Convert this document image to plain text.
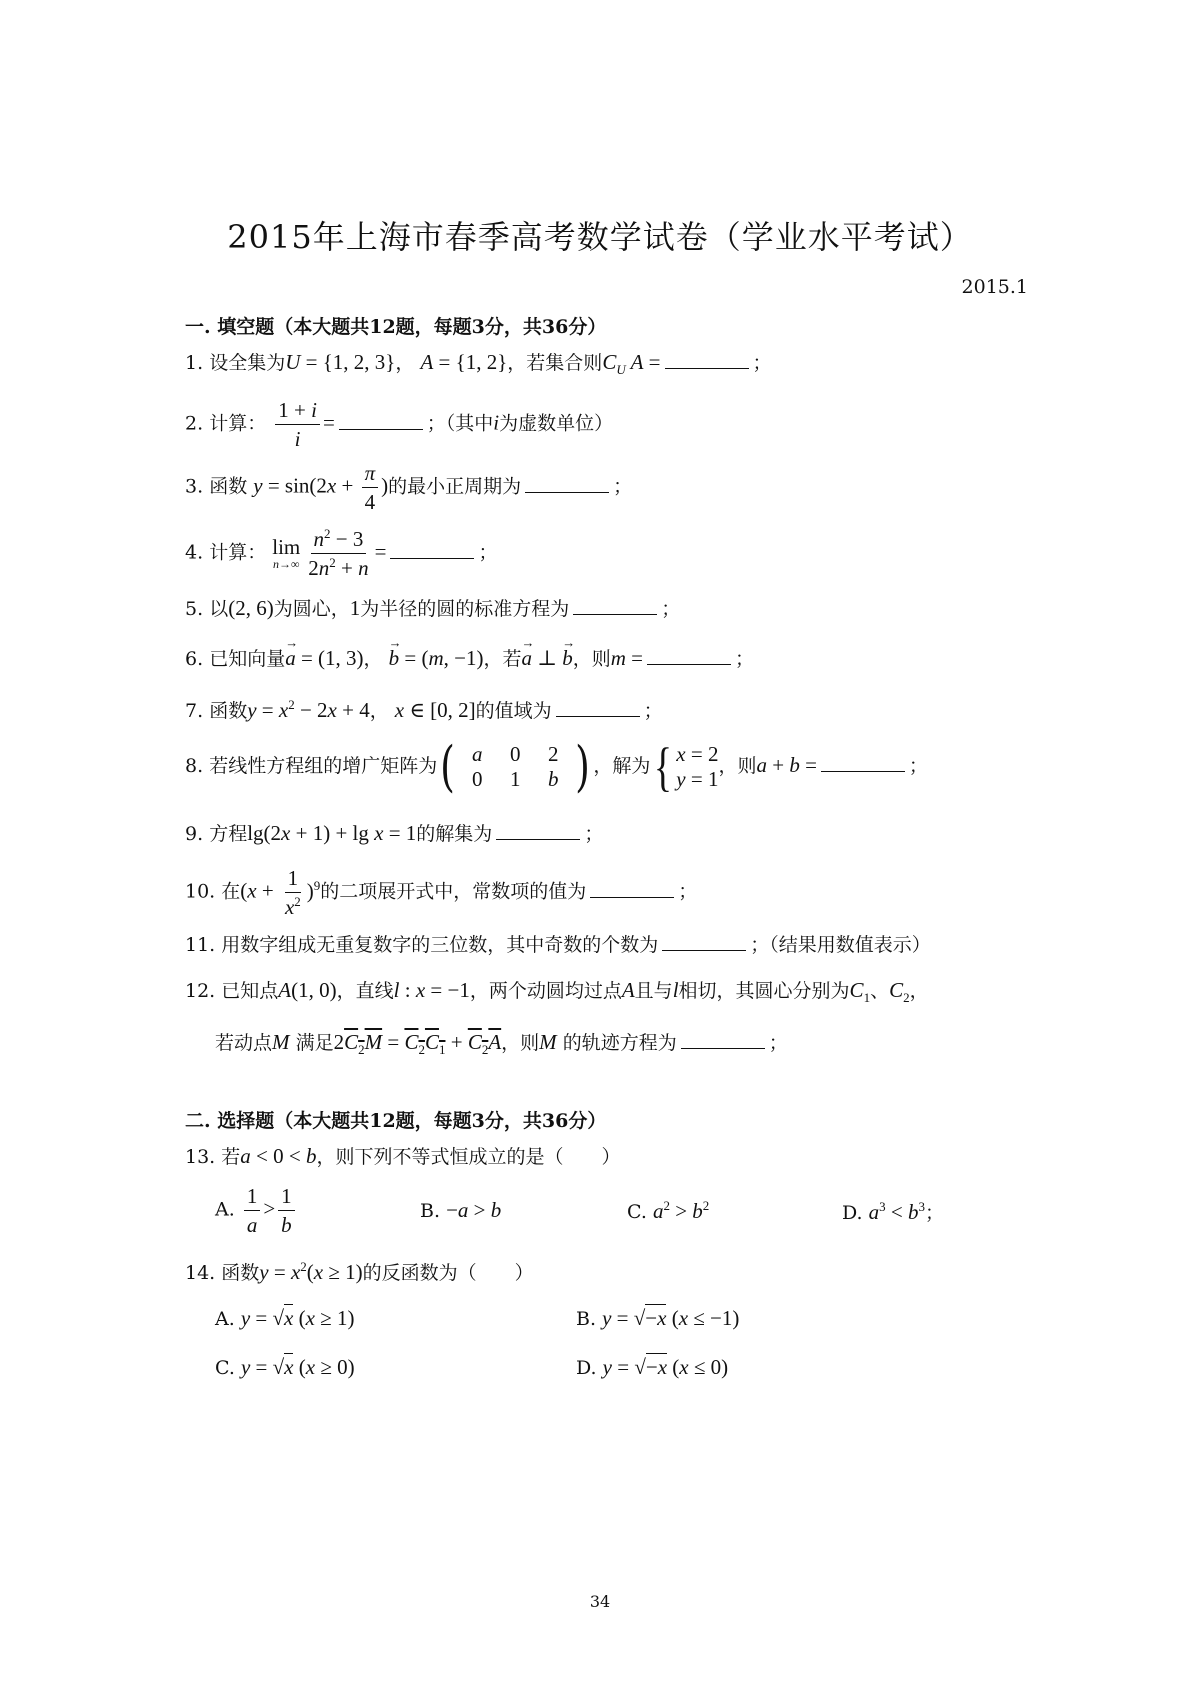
2015年上海市春季高考数学试卷（学业水平考试）
2015.1
一. 填空题（本大题共12题，每题3分，共36分）
1. 设全集为U = {1, 2, 3}， A = {1, 2}，若集合则$C_U$ A =	；
2. 计算： $\frac{1 + i}{i}$ =	；（其中i为虚数单位）
3. 函数 $y = \sin(2x + \frac{\pi}{4}$ )的最小正周期为	；
4. 计算： lim
$n\to\infty \frac{n^2 - 3}{2n^2 + n}$ =	；
5. 以(2, 6)为圆心，1为半径的圆的标准方程为	；
6. 已知向量→ a = (1, 3)， → b = (m, −1)，若→ a ⊥ → b，则m =	；
7. 函数$y = x^2 - 2x + 4$， x ∈ [0, 2]的值域为	；
8. 若线性方程组的增广矩阵为 ( a	0	2
0	1	b ) ，解为 { x = 2
y = 1
，则a + b =	；
9. 方程lg(2x + 1) + lg x = 1的解集为	；
10. 在$(x + \frac{1}{x^2} )^9$的二项展开式中，常数项的值为	；
11. 用数字组成无重复数字的三位数，其中奇数的个数为	；（结果用数值表示）
12. 已知点A(1, 0)，直线l : x = −1，两个动圆均过点A且与l相切，其圆心分别为$C_1$、$C_2$，
若动点M 满足$2C_2M = C_2C_1 + C_2A$，则M 的轨迹方程为	；
二. 选择题（本大题共12题，每题3分，共36分）
13. 若a < 0 < b，则下列不等式恒成立的是（　　）
A. $\frac{1}{a} > \frac{1}{b}$	B. −a > b	C. $a^2 > b^2$	D. $a^3 < b^3$；
14. 函数$y = x^2(x \ge 1)$的反函数为（　　）
A. y = √x (x ≥ 1)	B. y = √−x (x ≤ −1)
C. y = √x (x ≥ 0)	D. y = √−x (x ≤ 0)
34
